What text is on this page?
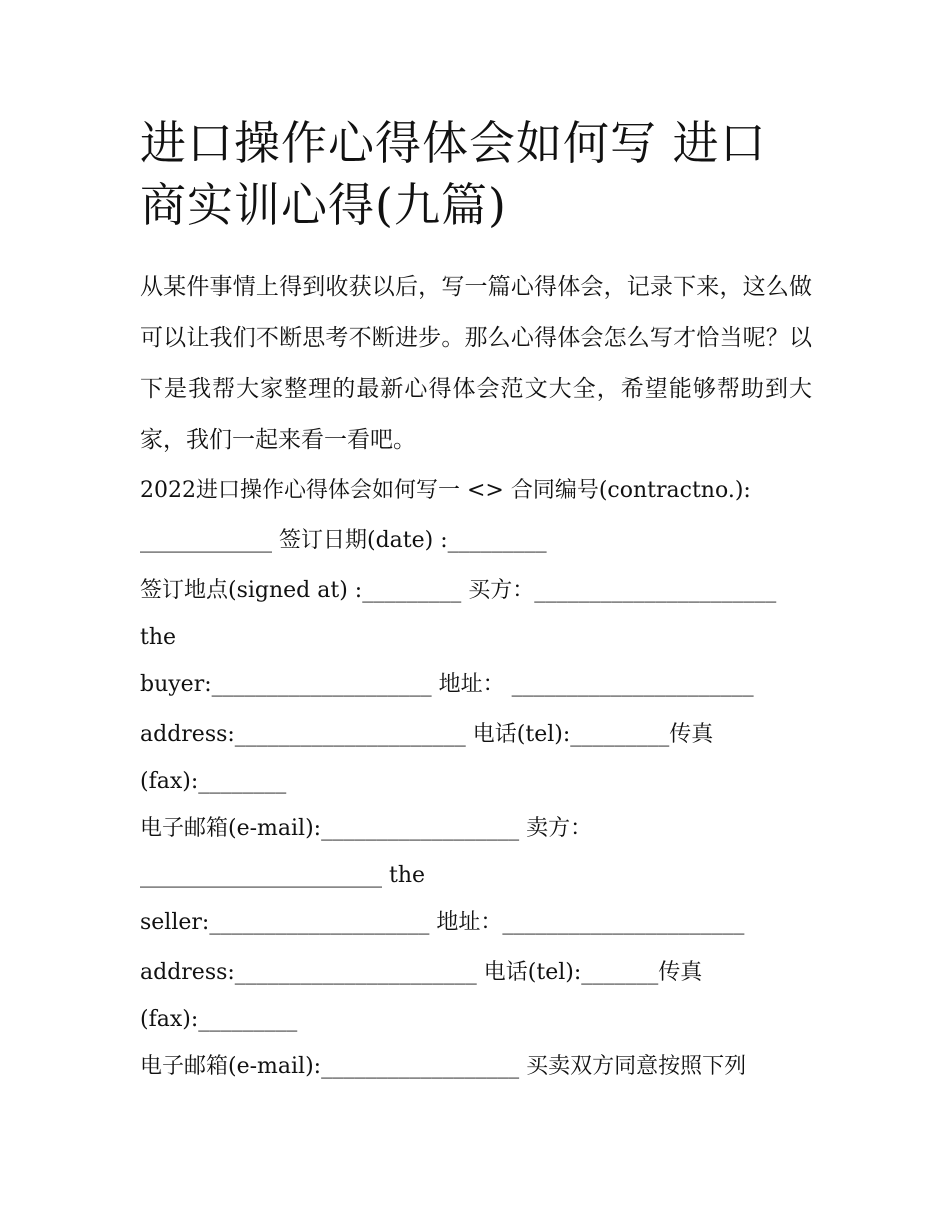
进口操作心得体会如何写 进口商实训心得(九篇)

从某件事情上得到收获以后，写一篇心得体会，记录下来，这么做可以让我们不断思考不断进步。那么心得体会怎么写才恰当呢？以下是我帮大家整理的最新心得体会范文大全，希望能够帮助到大家，我们一起来看一看吧。

2022进口操作心得体会如何写一 <> 合同编号(contractno.):
____________ 签订日期(date) :_________
签订地点(signed at) :_________ 买方：______________________
the
buyer:____________________ 地址： ______________________
address:_____________________ 电话(tel):_________传真
(fax):________
电子邮箱(e-mail):__________________ 卖方：
______________________ the
seller:____________________ 地址：______________________
address:______________________ 电话(tel):_______传真
(fax):_________
电子邮箱(e-mail):__________________ 买卖双方同意按照下列
